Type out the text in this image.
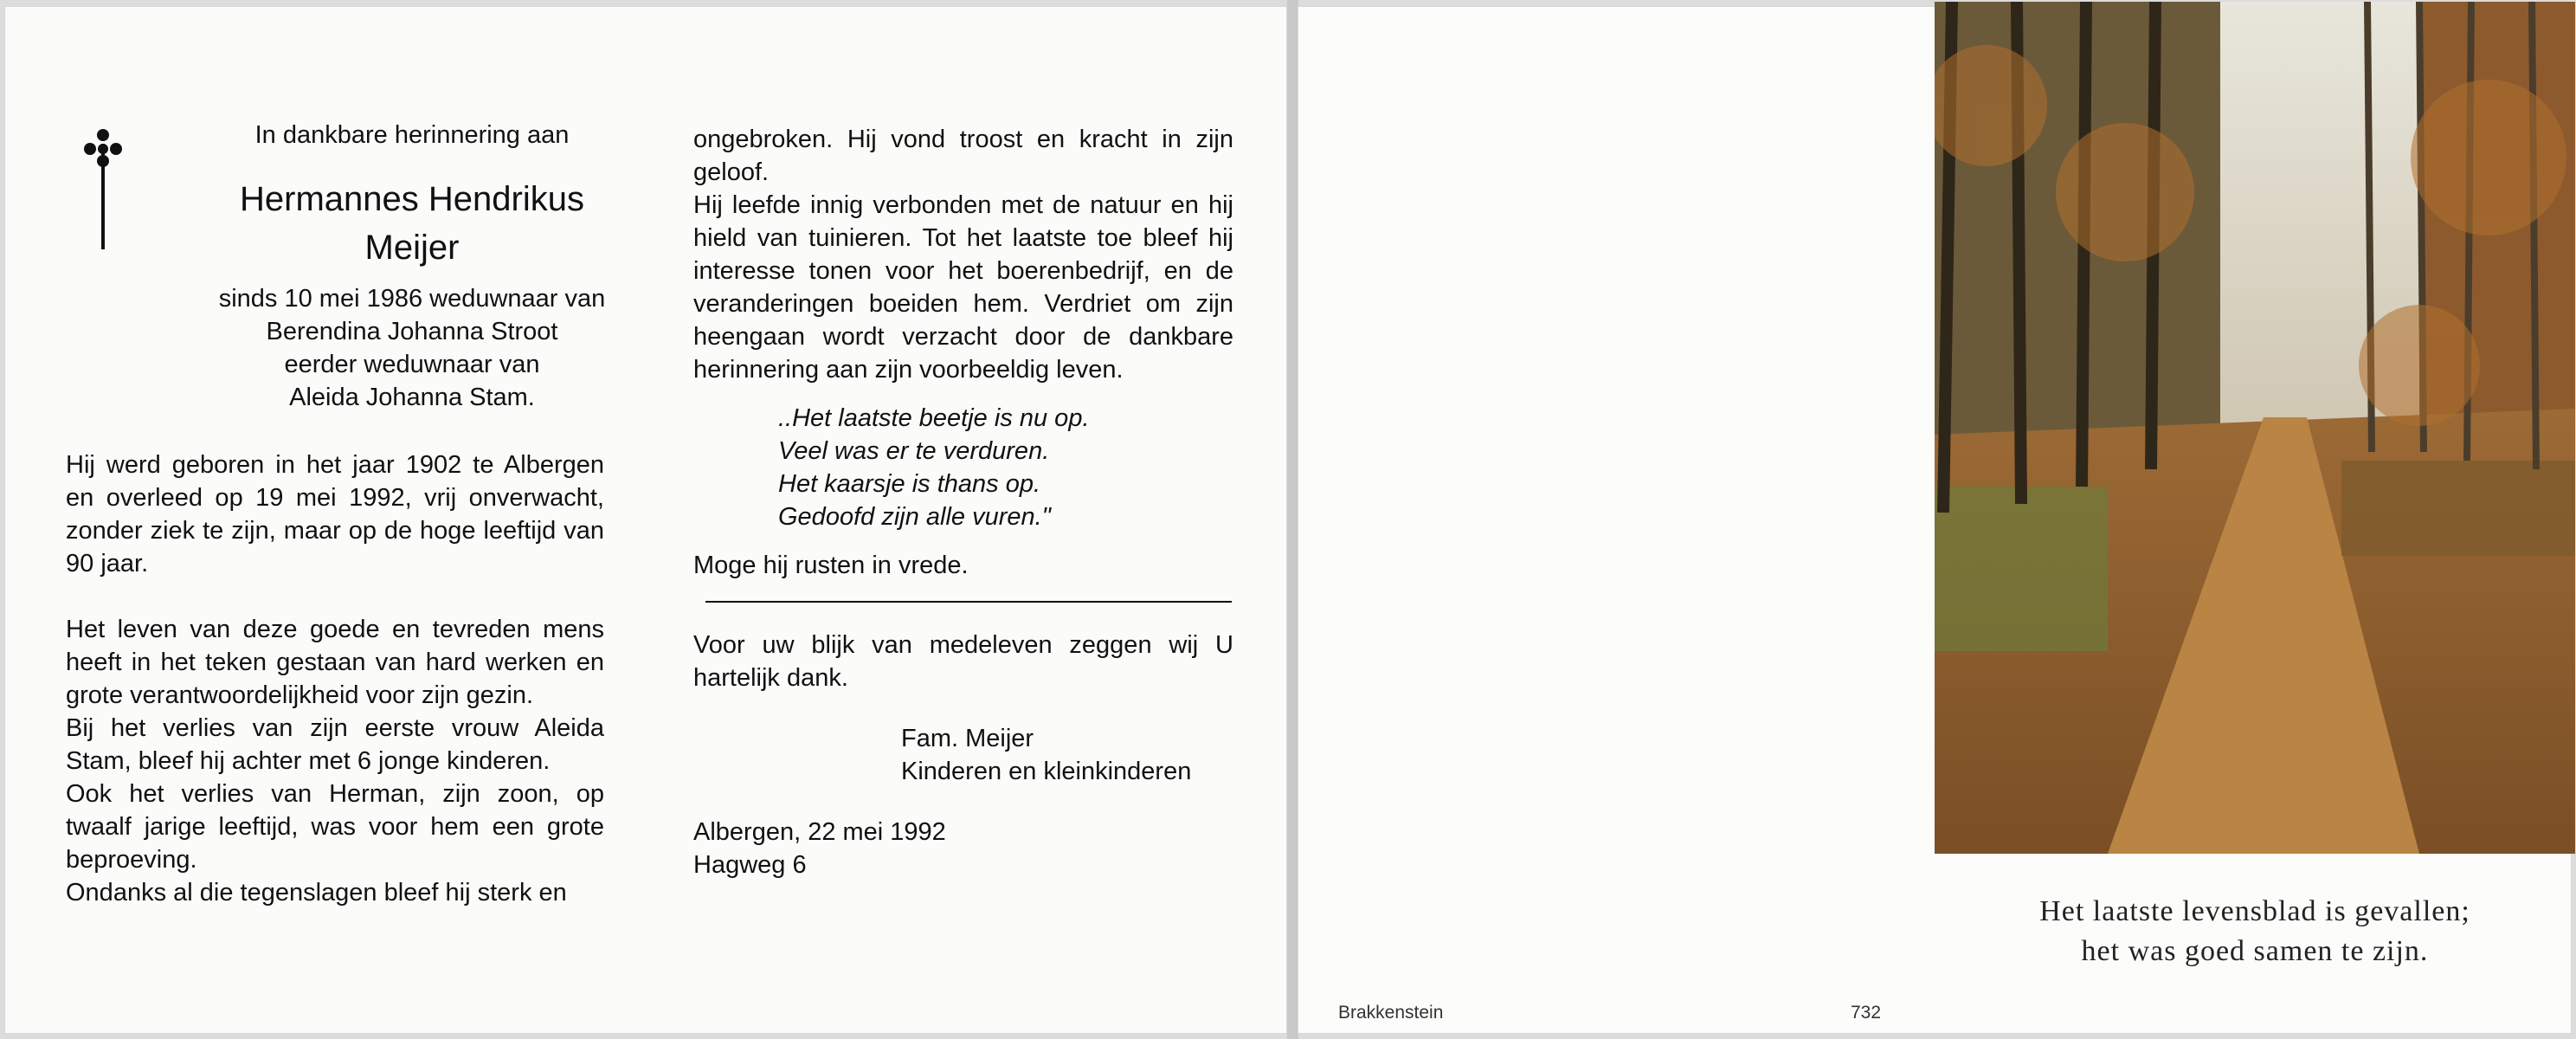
In dankbare herinnering aan
Hermannes Hendrikus
Meijer
sinds 10 mei 1986 weduwnaar van
Berendina Johanna Stroot
eerder weduwnaar van
Aleida Johanna Stam.

Hij werd geboren in het jaar 1902 te Albergen en overleed op 19 mei 1992, vrij onverwacht, zonder ziek te zijn, maar op de hoge leeftijd van 90 jaar.

Het leven van deze goede en tevreden mens heeft in het teken gestaan van hard werken en grote verantwoordelijkheid voor zijn gezin.

Bij het verlies van zijn eerste vrouw Aleida Stam, bleef hij achter met 6 jonge kinderen.

Ook het verlies van Herman, zijn zoon, op twaalf jarige leeftijd, was voor hem een grote beproeving.

Ondanks al die tegenslagen bleef hij sterk en

ongebroken. Hij vond troost en kracht in zijn geloof.

Hij leefde innig verbonden met de natuur en hij hield van tuinieren. Tot het laatste toe bleef hij interesse tonen voor het boerenbedrijf, en de veranderingen boeiden hem. Verdriet om zijn heengaan wordt verzacht door de dankbare herinnering aan zijn voorbeeldig leven.

..Het laatste beetje is nu op.
Veel was er te verduren.
Het kaarsje is thans op.
Gedoofd zijn alle vuren."

Moge hij rusten in vrede.

Voor uw blijk van medeleven zeggen wij U hartelijk dank.

Fam. Meijer
Kinderen en kleinkinderen

Albergen, 22 mei 1992

Hagweg 6

Brakkenstein	732
Het laatste levensblad is gevallen;
het was goed samen te zijn.
